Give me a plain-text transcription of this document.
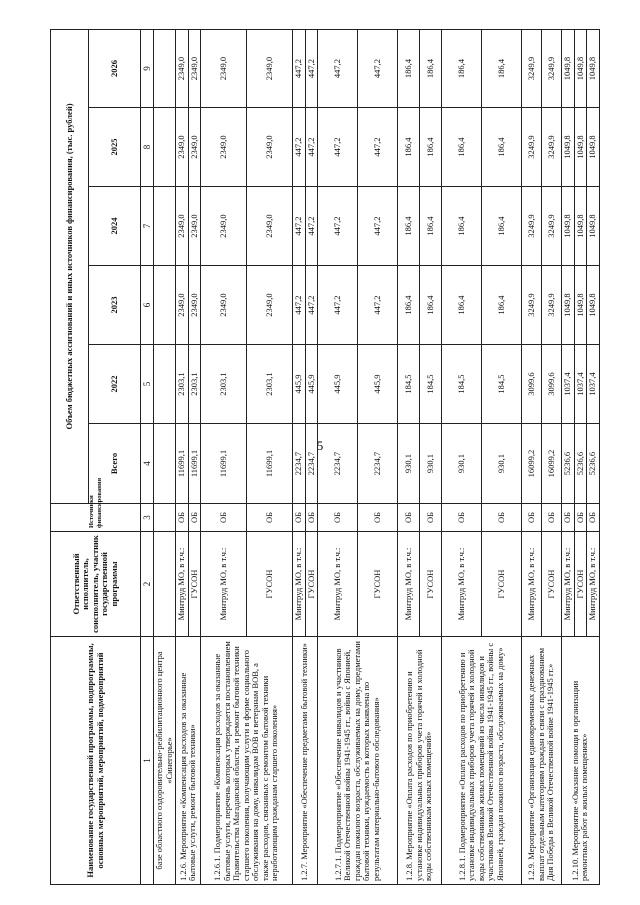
5
Наименование государственной программы, подпрограммы, основных мероприятий, мероприятий, подмероприятий	Ответственный исполнитель, соисполнитель, участник государственной программы	Источники финансирования	Объем бюджетных ассигнований и иных источников финансирования, (тыс. рублей)					
			Всего	2022	2023	2024	2025	2026
1	2	3	4	5	6	7	8	9
базе областного оздоровительно-реабилитационного центра «Синегорье»								
1.2.6. Мероприятие «Компенсация расходов за оказанные бытовые услуги, ремонт бытовой техники»	Минтруд МО, в т.ч.:	ОБ	11699,1	2303,1	2349,0	2349,0	2349,0	2349,0
	ГУСОН	ОБ	11699,1	2303,1	2349,0	2349,0	2349,0	2349,0
1.2.6.1. Подмероприятие «Компенсация расходов за оказанные бытовые услуги, перечень которых утверждается постановлением Правительства Магаданской области, и ремонт бытовой техники старшего поколения, получающим услуги в форме социального обслуживания на дому, инвалидам ВОВ и ветеранам ВОВ, а также расходов, связанных с ремонтом бытовой техники неработающим гражданам старшего поколения»	Минтруд МО, в т.ч.:	ОБ	11699,1	2303,1	2349,0	2349,0	2349,0	2349,0
	ГУСОН	ОБ	11699,1	2303,1	2349,0	2349,0	2349,0	2349,0
1.2.7. Мероприятие «Обеспечение предметами бытовой техники»	Минтруд МО, в т.ч.:	ОБ	2234,7	445,9	447,2	447,2	447,2	447,2
	ГУСОН	ОБ	2234,7	445,9	447,2	447,2	447,2	447,2
1.2.7.1. Подмероприятие «Обеспечение инвалидов и участников Великой Отечественной войны 1941-1945 гг., войны с Японией, граждан пожилого возраста, обслуживаемых на дому, предметами бытовой техники, нуждаемость в которых выявлена по результатам материально-бытового обследования»	Минтруд МО, в т.ч.:	ОБ	2234,7	445,9	447,2	447,2	447,2	447,2
	ГУСОН	ОБ	2234,7	445,9	447,2	447,2	447,2	447,2
1.2.8. Мероприятие «Оплата расходов по приобретению и установке индивидуальных приборов учета горячей и холодной воды собственникам жилых помещений»	Минтруд МО, в т.ч.:	ОБ	930,1	184,5	186,4	186,4	186,4	186,4
	ГУСОН	ОБ	930,1	184,5	186,4	186,4	186,4	186,4
1.2.8.1. Подмероприятие «Оплата расходов по приобретению и установке индивидуальных приборов учета горячей и холодной воды собственникам жилых помещений из числа инвалидов и участников Великой Отечественной войны 1941-1945 гг., войны с Японией, граждан пожилого возраста, обслуживаемых на дому»	Минтруд МО, в т.ч.:	ОБ	930,1	184,5	186,4	186,4	186,4	186,4
	ГУСОН	ОБ	930,1	184,5	186,4	186,4	186,4	186,4
1.2.9. Мероприятие «Организация единовременных денежных выплат отдельным категориям граждан в связи с празднованием Дня Победы в Великой Отечественной войне 1941-1945 гг.»	Минтруд МО, в т.ч.:	ОБ	16099,2	3099,6	3249,9	3249,9	3249,9	3249,9
	ГУСОН	ОБ	16099,2	3099,6	3249,9	3249,9	3249,9	3249,9
1.2.10. Мероприятие «Оказание помощи в организации ремонтных работ в жилых помещениях»	Минтруд МО, в т.ч.:	ОБ	5236,6	1037,4	1049,8	1049,8	1049,8	1049,8
	ГУСОН	ОБ	5236,6	1037,4	1049,8	1049,8	1049,8	1049,8
	Минтруд МО, в т.ч.:	ОБ	5236,6	1037,4	1049,8	1049,8	1049,8	1049,8
